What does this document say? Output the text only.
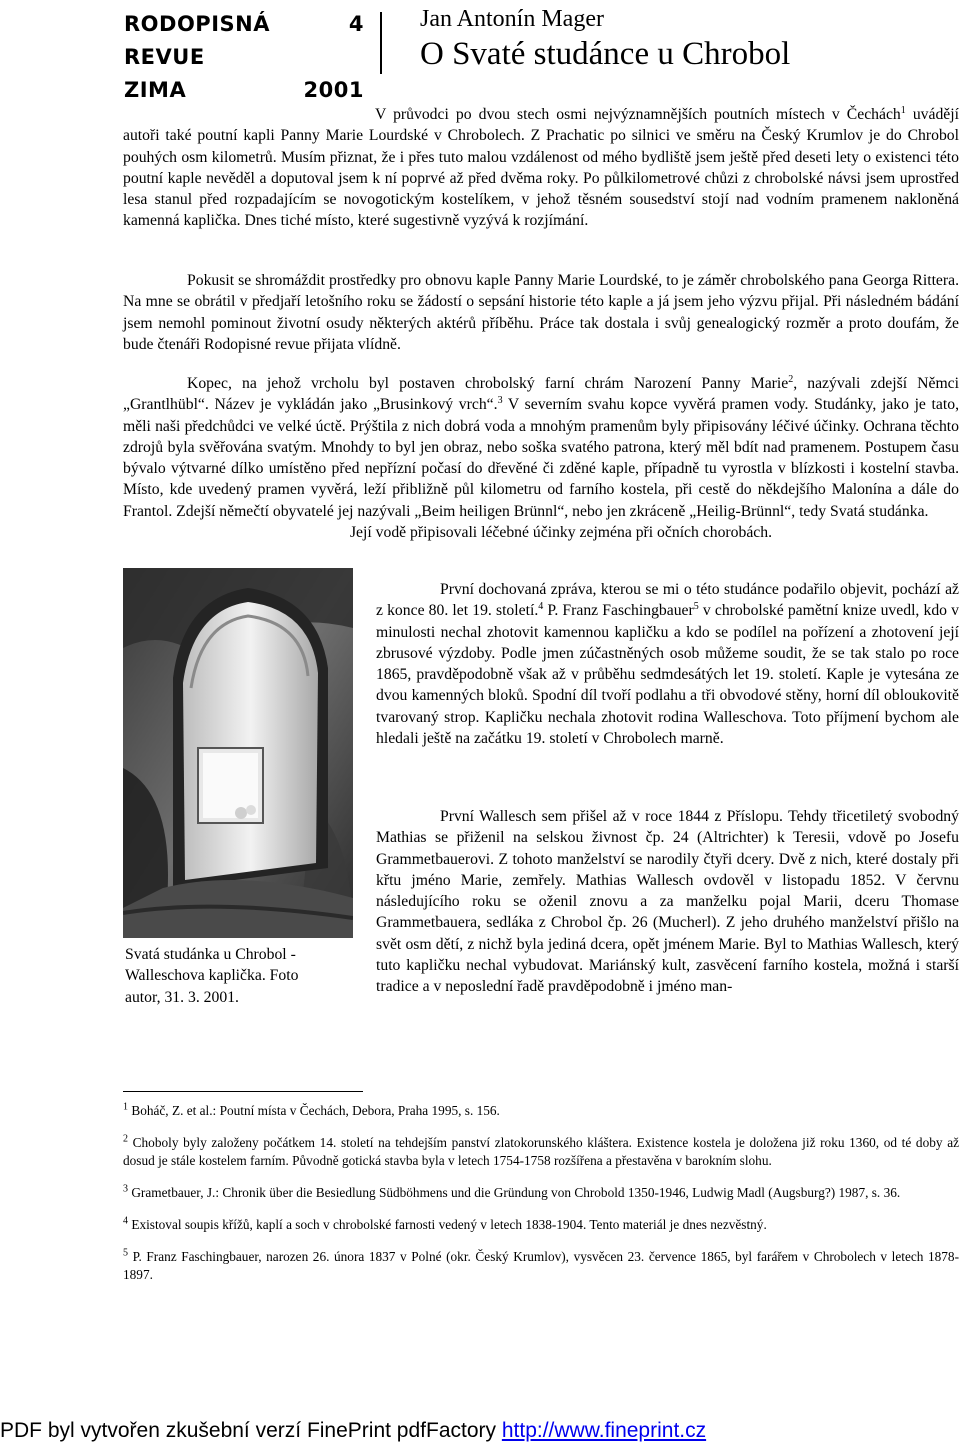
RODOPISNÁ REVUE
4
ZIMA	2001
Jan Antonín Mager
O Svaté studánce u Chrobol

V průvodci po dvou stech osmi nejvýznamnějších poutních místech v Čechách$^1$ uvádějí autoři také poutní kapli Panny Marie Lourdské v Chrobolech. Z Prachatic po silnici ve směru na Český Krumlov je do Chrobol pouhých osm kilometrů. Musím přiznat, že i přes tuto malou vzdálenost od mého bydliště jsem ještě před deseti lety o existenci této poutní kaple nevěděl a doputoval jsem k ní poprvé až před dvěma roky. Po půlkilometrové chůzi z chrobolské návsi jsem uprostřed lesa stanul před rozpadajícím se novogotickým kostelíkem, v jehož těsném sousedství stojí nad vodním pramenem nakloněná kamenná kaplička. Dnes tiché místo, které sugestivně vyzývá k rozjímání.

Pokusit se shromáždit prostředky pro obnovu kaple Panny Marie Lourdské, to je záměr chrobolského pana Georga Rittera. Na mne se obrátil v předjaří letošního roku se žádostí o sepsání historie této kaple a já jsem jeho výzvu přijal. Při následném bádání jsem nemohl pominout životní osudy některých aktérů příběhu. Práce tak dostala i svůj genealogický rozměr a proto doufám, že bude čtenáři Rodopisné revue přijata vlídně.

Kopec, na jehož vrcholu byl postaven chrobolský farní chrám Narození Panny Marie$^2$, nazývali zdejší Němci „Grantlhübl“. Název je vykládán jako „Brusinkový vrch“.$^3$ V severním svahu kopce vyvěrá pramen vody. Studánky, jako je tato, měli naši předchůdci ve velké úctě. Prýštila z nich dobrá voda a mnohým pramenům byly připisovány léčivé účinky. Ochrana těchto zdrojů byla svěřována svatým. Mnohdy to byl jen obraz, nebo soška svatého patrona, který měl bdít nad pramenem. Postupem času bývalo výtvarné dílko umístěno před nepřízní počasí do dřevěné či zděné kaple, případně tu vyrostla v blízkosti i kostelní stavba. Místo, kde uvedený pramen vyvěrá, leží přibližně půl kilometru od farního kostela, při cestě do někdejšího Malonína a dále do Frantol. Zdejší němečtí obyvatelé jej nazývali „Beim heiligen Brünnl“, nebo jen zkráceně „Heilig-Brünnl“, tedy Svatá studánka.

Její vodě připisovali léčebné účinky zejména při očních chorobách.

Svatá studánka u Chrobol - Walleschova kaplička. Foto autor, 31. 3. 2001.

První dochovaná zpráva, kterou se mi o této studánce podařilo objevit, pochází až z konce 80. let 19. století.$^4$ P. Franz Faschingbauer$^5$ v chrobolské pamětní knize uvedl, kdo v minulosti nechal zhotovit kamennou kapličku a kdo se podílel na pořízení a zhotovení její zbrusové výzdoby. Podle jmen zúčastněných osob můžeme soudit, že se tak stalo po roce 1865, pravděpodobně však až v průběhu sedmdesátých let 19. století. Kaple je vytesána ze dvou kamenných bloků. Spodní díl tvoří podlahu a tři obvodové stěny, horní díl obloukovitě tvarovaný strop. Kapličku nechala zhotovit rodina Walleschova. Toto příjmení bychom ale hledali ještě na začátku 19. století v Chrobolech marně.

První Wallesch sem přišel až v roce 1844 z Příslopu. Tehdy třicetiletý svobodný Mathias se přiženil na selskou živnost čp. 24 (Altrichter) k Teresii, vdově po Josefu Grammetbauerovi. Z tohoto manželství se narodily čtyři dcery. Dvě z nich, které dostaly při křtu jméno Marie, zemřely. Mathias Wallesch ovdověl v listopadu 1852. V červnu následujícího roku se oženil znovu a za manželku pojal Marii, dceru Thomase Grammetbauera, sedláka z Chrobol čp. 26 (Mucherl). Z jeho druhého manželství přišlo na svět osm dětí, z nichž byla jediná dcera, opět jménem Marie. Byl to Mathias Wallesch, který tuto kapličku nechal vybudovat. Mariánský kult, zasvěcení farního kostela, možná i starší tradice a v neposlední řadě pravděpodobně i jméno man-

$^1$ Boháč, Z. et al.: Poutní místa v Čechách, Debora, Praha 1995, s. 156.

$^2$ Choboly byly založeny počátkem 14. století na tehdejším panství zlatokorunského kláštera. Existence kostela je doložena již roku 1360, od té doby až dosud je stále kostelem farním. Původně gotická stavba byla v letech 1754-1758 rozšířena a přestavěna v barokním slohu.

$^3$ Grametbauer, J.: Chronik über die Besiedlung Südböhmens und die Gründung von Chrobold 1350-1946, Ludwig Madl (Augsburg?) 1987, s. 36.

$^4$ Existoval soupis křížů, kaplí a soch v chrobolské farnosti vedený v letech 1838-1904. Tento materiál je dnes nezvěstný.

$^5$ P. Franz Faschingbauer, narozen 26. února 1837 v Polné (okr. Český Krumlov), vysvěcen 23. července 1865, byl farářem v Chrobolech v letech 1878-1897.

PDF byl vytvořen zkušební verzí FinePrint pdfFactory http://www.fineprint.cz
